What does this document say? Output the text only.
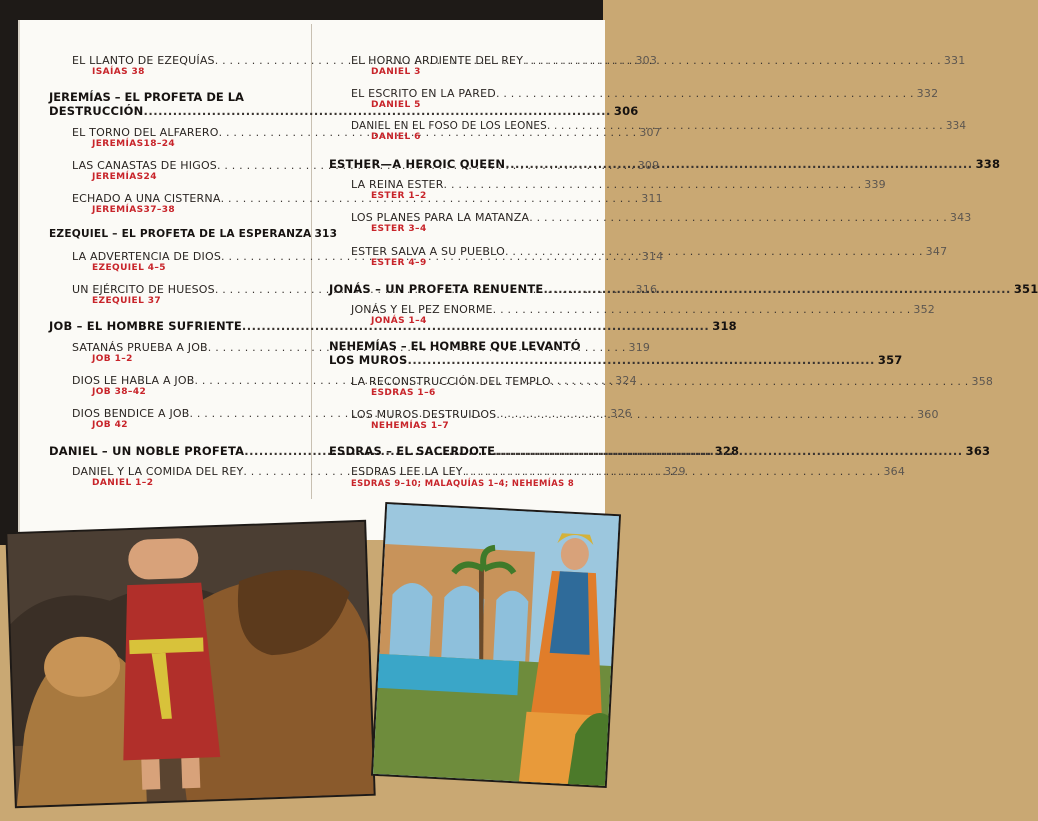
EL LLANTO DE EZEQUÍAS . . .	303
ISAÍAS 38
JEREMÍAS – EL PROFETA DE LA
DESTRUCCIÓN .....	306
EL TORNO DEL ALFARERO . . .	307
JEREMÍAS18–24
LAS CANASTAS DE HIGOS . . .	309
JEREMÍAS24
ECHADO A UNA CISTERNA . . .	311
JEREMÍAS37–38
EZEQUIEL – EL PROFETA DE LA ESPERANZA 313
LA ADVERTENCIA DE DIOS . . .	314
EZEQUIEL 4–5
UN EJÉRCITO DE HUESOS . . .	316
EZEQUIEL 37
JOB – EL HOMBRE SUFRIENTE .....	318
SATANÁS PRUEBA A JOB . . .	319
JOB 1–2
DIOS LE HABLA A JOB . . .	324
JOB 38–42
DIOS BENDICE A JOB . . .	326
JOB 42
DANIEL – UN NOBLE PROFETA .....	328
DANIEL Y LA COMIDA DEL REY . . .	329
DANIEL 1–2
EL HORNO ARDIENTE DEL REY . . .	331
DANIEL 3
EL ESCRITO EN LA PARED . . .	332
DANIEL 5
DANIEL EN EL FOSO DE LOS LEONES . . .	334
DANIEL 6
ESTHER—A HEROIC QUEEN .....	338
LA REINA ESTER . . .	339
ESTER 1–2
LOS PLANES PARA LA MATANZA . . .	343
ESTER 3–4
ESTER SALVA A SU PUEBLO . . .	347
ESTER 4–9
JONÁS – UN PROFETA RENUENTE .....	351
JONÁS Y EL PEZ ENORME . . .	352
JONÁS 1–4
NEHEMÍAS – EL HOMBRE QUE LEVANTÓ
LOS MUROS .....	357
LA RECONSTRUCCIÓN DEL TEMPLO . . .	358
ESDRAS 1–6
LOS MUROS DESTRUIDOS . . .	360
NEHEMÍAS 1–7
ESDRAS – EL SACERDOTE .....	363
ESDRAS LEE LA LEY . . .	364
ESDRAS 9–10; MALAQUÍAS 1–4; NEHEMÍAS 8
